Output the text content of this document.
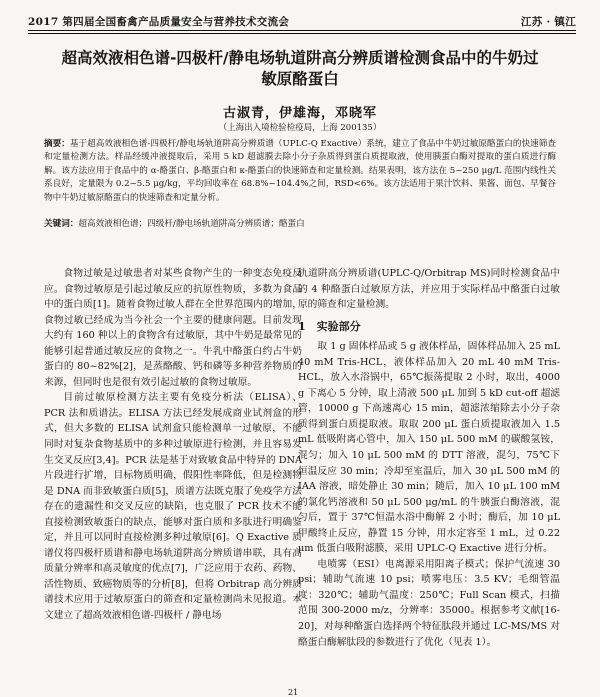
2017 第四届全国畜禽产品质量安全与营养技术交流会	江苏 · 镇江
超高效液相色谱-四极杆/静电场轨道阱高分辨质谱检测食品中的牛奶过敏原酪蛋白
古淑青，伊雄海，邓晓军
（上海出入境检验检疫局，上海 200135）
摘要：基于超高效液相色谱-四极杆/静电场轨道阱高分辨质谱（UPLC-Q Exactive）系统，建立了食品中牛奶过敏原酪蛋白的快速筛查和定量检测方法。样品经缓冲液提取后，采用 5 kD 超滤膜去除小分子杂质得到蛋白质提取液，使用胰蛋白酶对提取的蛋白质进行酶解。该方法应用于食品中的 α-酪蛋白、β-酪蛋白和 κ-酪蛋白的快速筛查和定量检测。结果表明，该方法在 5~250 μg/L 范围内线性关系良好，定量限为 0.2~5.5 μg/kg，平均回收率在 68.8%~104.4%之间，RSD<6%。该方法适用于果汁饮料、果酱、面包、早餐谷物中牛奶过敏原酪蛋白的快速筛查和定量分析。
关键词：超高效液相色谱；四级杆/静电场轨道阱高分辨质谱；酪蛋白

食物过敏是过敏患者对某些食物产生的一种变态免疫反应。食物过敏原是引起过敏反应的抗原性物质，多数为食品中的蛋白质[1]。随着食物过敏人群在全世界范围内的增加，食物过敏已经成为当今社会一个主要的健康问题。目前发现大约有 160 种以上的食物含有过敏原，其中牛奶是最常见的能够引起普通过敏反应的食物之一。牛乳中酪蛋白约占牛奶蛋白的 80~82%[2]，是蒸酪酸、钙和磷等多种营养物质的来源，但同时也是很有效引起过敏的食物过敏原。

目前过敏原检测方法主要有免疫分析法（ELISA）、PCR 法和质谱法。ELISA 方法已经发展成商业试剂盒的形式，但大多数的 ELISA 试剂盒只能检测单一过敏原，不能同时对复杂食物基质中的多种过敏原进行检测，并且容易发生交叉反应[3,4]。PCR 法是基于对致敏食品中特异的 DNA 片段进行扩增，目标物质明确，假阳性率降低，但是检测物是 DNA 而非致敏蛋白质[5]，质谱方法既克服了免疫学方法存在的遗漏性和交叉反应的缺陷，也克服了 PCR 技术不能直接检测致敏蛋白的缺点，能够对蛋白质和多肽进行明确鉴定，并且可以同时直接检测多种过敏原[6]。Q Exactive 质谱仪将四极杆质谱和静电场轨道阱高分辨质谱串联，具有高质量分辨率和高灵敏度的优点[7]，广泛应用于农药、药物、活性物质、致癌物质等的分析[8]，但将 Orbitrap 高分辨质谱技术应用于过敏原蛋白的筛查和定量检测尚未见报道。本文建立了超高效液相色谱-四极杆 / 静电场

轨道阱高分辨质谱(UPLC-Q/Orbitrap MS)同时检测食品中的 4 种酪蛋白过敏原方法，并应用于实际样品中酪蛋白过敏原的筛查和定量检测。

1　实验部分

取 1 g 固体样品或 5 g 液体样品，固体样品加入 25 mL 40 mM Tris-HCL，液体样品加入 20 mL 40 mM Tris-HCL，放入水浴锅中，65℃振荡提取 2 小时，取出，4000 g 下离心 5 分钟，取上清液 500 μL 加到 5 kD cut-off 超滤管，10000 g 下高速离心 15 min，超滤浓缩除去小分子杂质得到蛋白质提取液。取取 200 μL 蛋白质提取液加入 1.5 mL 低吸附离心管中，加入 150 μL 500 mM 的碳酸氢铵，混匀；加入 10 μL 500 mM 的 DTT 溶液，混匀，75℃下恒温反应 30 min；冷却至室温后，加入 30 μL 500 mM 的 IAA 溶液，暗处静止 30 min；随后，加入 10 μL 100 mM 的氯化钙溶液和 50 μL 500 μg/mL 的牛胰蛋白酶溶液，混匀后，置于 37℃恒温水浴中酶解 2 小时；酶后，加 10 μL 甲酸终止反应，静置 15 分钟，用水定容至 1 mL，过 0.22 μm 低蛋白吸附滤膜，采用 UPLC-Q Exactive 进行分析。

电喷雾（ESI）电离源采用阳离子模式；保护气流速 30 psi；辅助气流速 10 psi；喷雾电压：3.5 KV；毛细管温度：320℃；辅助气温度：250℃；Full Scan 模式，扫描范围 300-2000 m/z，分辨率：35000。根据参考文献[16-20]，对每种酪蛋白选择两个特征肽段并通过 LC-MS/MS 对酪蛋白酶解肽段的参数进行了优化（见表 1）。

21
